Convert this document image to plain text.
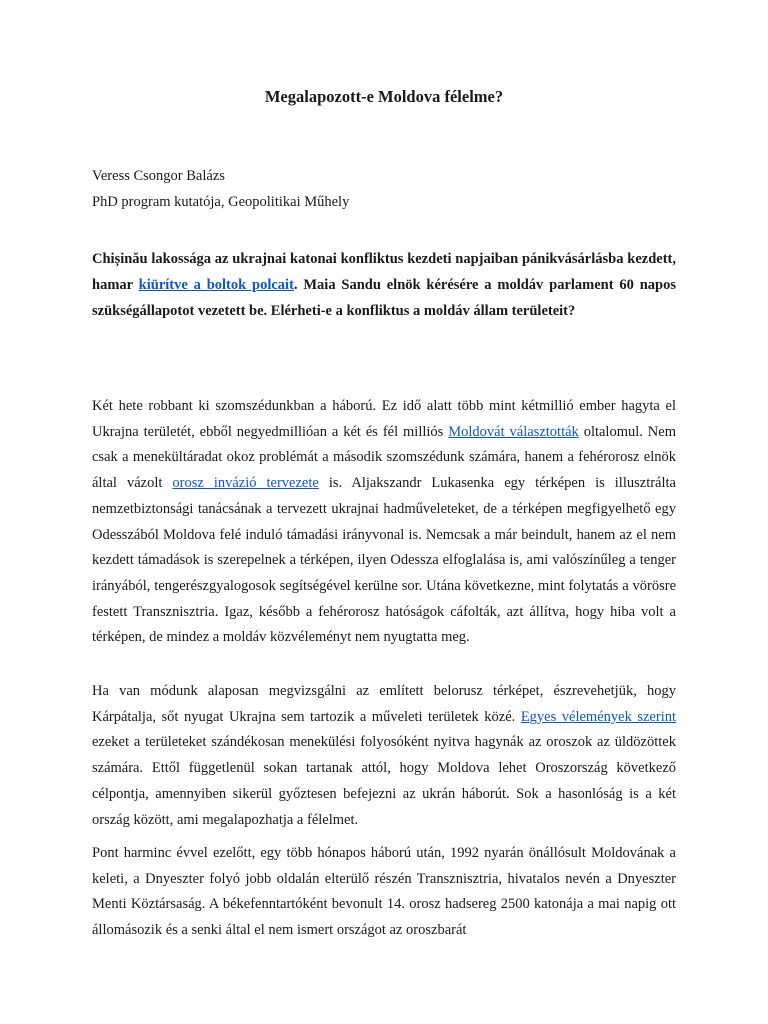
Megalapozott-e Moldova félelme?
Veress Csongor Balázs
PhD program kutatója, Geopolitikai Műhely

Chișinău lakossága az ukrajnai katonai konfliktus kezdeti napjaiban pánikvásárlásba kezdett, hamar kiürítve a boltok polcait. Maia Sandu elnök kérésére a moldáv parlament 60 napos szükségállapotot vezetett be. Elérheti-e a konfliktus a moldáv állam területeit?

Két hete robbant ki szomszédunkban a háború. Ez idő alatt több mint kétmillió ember hagyta el Ukrajna területét, ebből negyedmillióan a két és fél milliós Moldovát választották oltalomul. Nem csak a menekültáradat okoz problémát a második szomszédunk számára, hanem a fehérorosz elnök által vázolt orosz invázió tervezete is. Aljakszandr Lukasenka egy térképen is illusztrálta nemzetbiztonsági tanácsának a tervezett ukrajnai hadműveleteket, de a térképen megfigyelhető egy Odesszából Moldova felé induló támadási irányvonal is. Nemcsak a már beindult, hanem az el nem kezdett támadások is szerepelnek a térképen, ilyen Odessza elfoglalása is, ami valószínűleg a tenger irányából, tengerészgyalogosok segítségével kerülne sor. Utána következne, mint folytatás a vörösre festett Transznisztria. Igaz, később a fehérorosz hatóságok cáfolták, azt állítva, hogy hiba volt a térképen, de mindez a moldáv közvéleményt nem nyugtatta meg.

Ha van módunk alaposan megvizsgálni az említett belorusz térképet, észrevehetjük, hogy Kárpátalja, sőt nyugat Ukrajna sem tartozik a műveleti területek közé. Egyes vélemények szerint ezeket a területeket szándékosan menekülési folyosóként nyitva hagynák az oroszok az üldözöttek számára. Ettől függetlenül sokan tartanak attól, hogy Moldova lehet Oroszország következő célpontja, amennyiben sikerül győztesen befejezni az ukrán háborút. Sok a hasonlóság is a két ország között, ami megalapozhatja a félelmet.

Pont harminc évvel ezelőtt, egy több hónapos háború után, 1992 nyarán önállósult Moldovának a keleti, a Dnyeszter folyó jobb oldalán elterülő részén Transznisztria, hivatalos nevén a Dnyeszter Menti Köztársaság. A békefenntartóként bevonult 14. orosz hadsereg 2500 katonája a mai napig ott állomásozik és a senki által el nem ismert országot az oroszbarát
